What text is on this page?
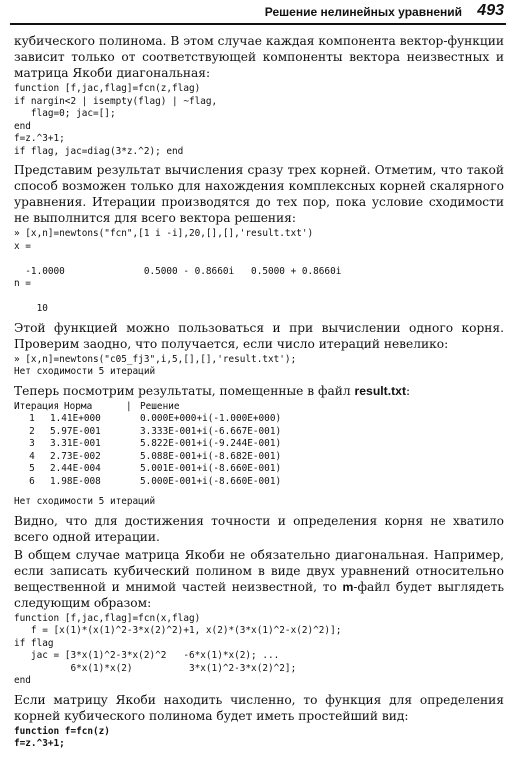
Решение нелинейных уравнений 493

кубического полинома. В этом случае каждая компонента вектор-функции зависит только от соответствующей компоненты вектора неизвестных и матрица Якоби диагональная:

function [f,jac,flag]=fcn(z,flag)
if nargin<2 | isempty(flag) | ~flag,
flag=0; jac=[];
end
f=z.^3+1;
if flag, jac=diag(3*z.^2); end

Представим результат вычисления сразу трех корней. Отметим, что такой способ возможен только для нахождения комплексных корней скалярного уравнения. Итерации производятся до тех пор, пока условие сходимости не выполнится для всего вектора решения:

» [x,n]=newtons("fcn",[1 i -i],20,[],[],'result.txt')
x =

-1.0000              0.5000 - 0.8660i   0.5000 + 0.8660i
n =

10

Этой функцией можно пользоваться и при вычислении одного корня. Проверим заодно, что получается, если число итераций невелико:

» [x,n]=newtons("c05_fj3",i,5,[],[],'result.txt');
Нет сходимости 5 итераций

Теперь посмотрим результаты, помещенные в файл result.txt:

Итерация Норма	| Решение
1	1.41E+000	0.000E+000+i(-1.000E+000)
2	5.97E-001	3.333E-001+i(-6.667E-001)
3	3.31E-001	5.822E-001+i(-9.244E-001)
4	2.73E-002	5.088E-001+i(-8.682E-001)
5	2.44E-004	5.001E-001+i(-8.660E-001)
6	1.98E-008	5.000E-001+i(-8.660E-001)
Нет сходимости 5 итераций

Видно, что для достижения точности и определения корня не хватило всего одной итерации.

В общем случае матрица Якоби не обязательно диагональная. Например, если записать кубический полином в виде двух уравнений относительно вещественной и мнимой частей неизвестной, то m-файл будет выглядеть следующим образом:

function [f,jac,flag]=fcn(x,flag)
f = [x(1)*(x(1)^2-3*x(2)^2)+1, x(2)*(3*x(1)^2-x(2)^2)];
if flag
jac = [3*x(1)^2-3*x(2)^2   -6*x(1)*x(2); ...
6*x(1)*x(2)          3*x(1)^2-3*x(2)^2];
end

Если матрицу Якоби находить численно, то функция для определения корней кубического полинома будет иметь простейший вид:

function f=fcn(z)
f=z.^3+1;
